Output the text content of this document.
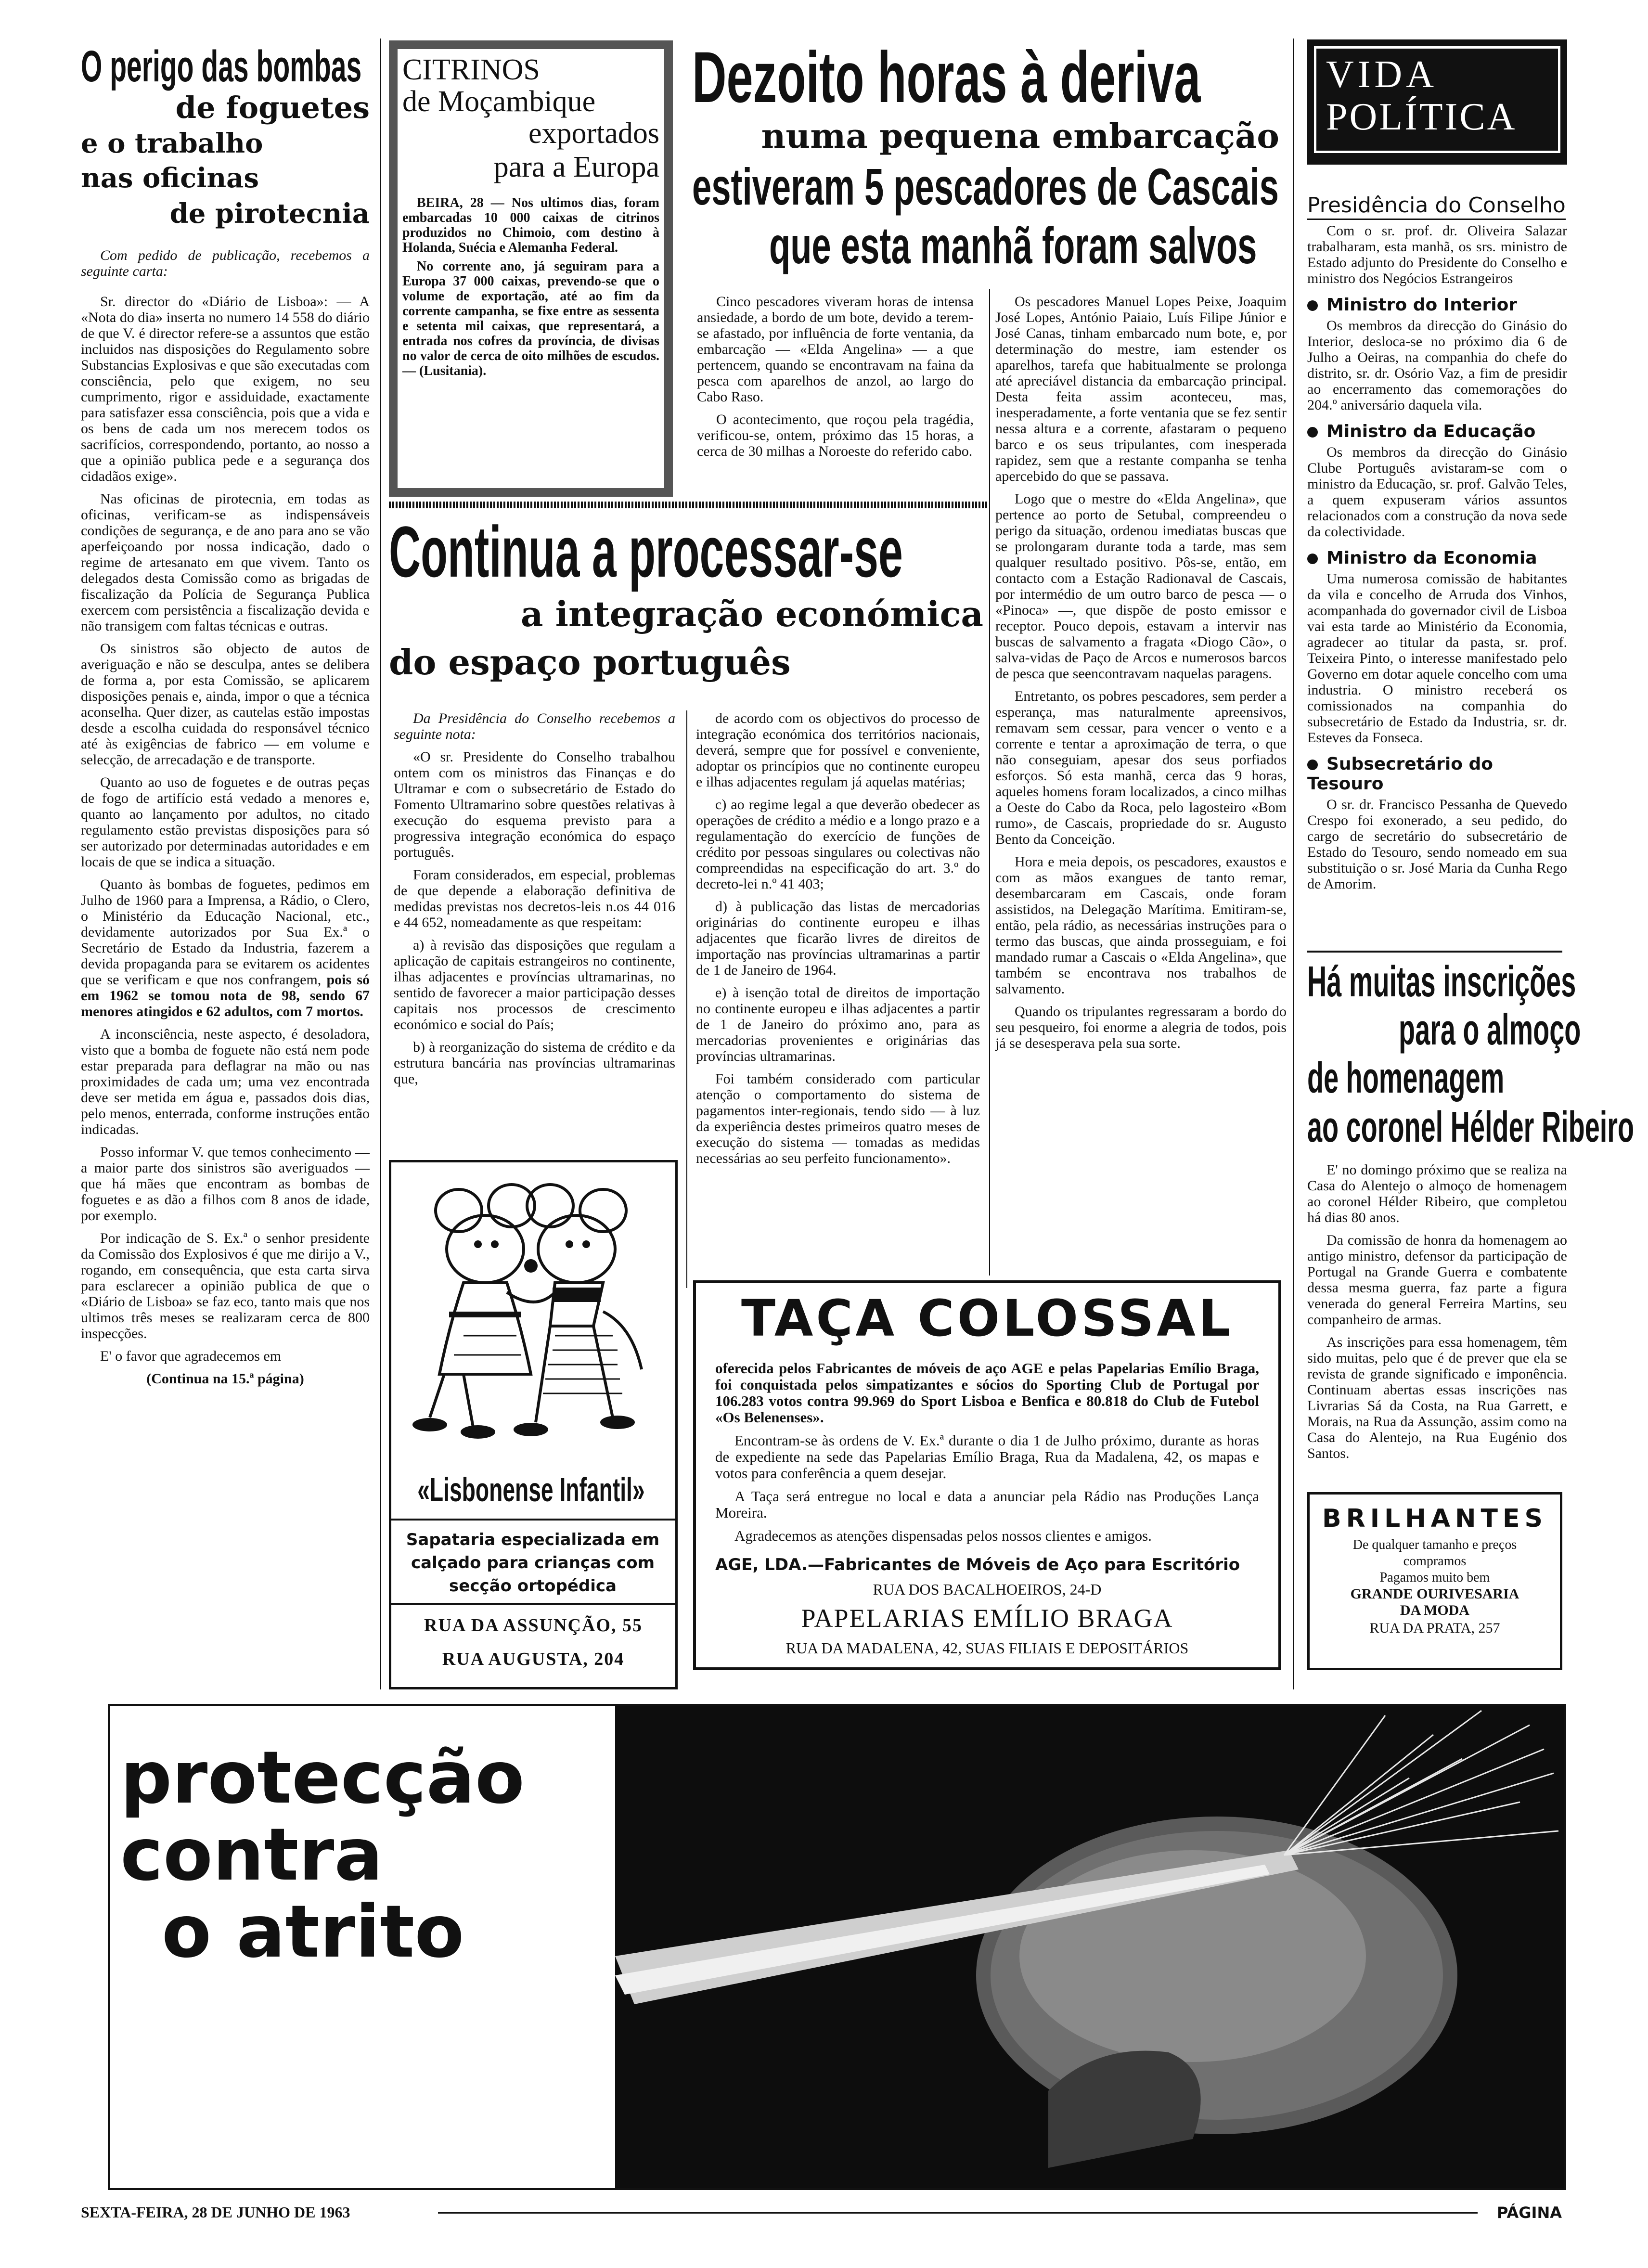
O perigo das bombas
de foguetes
e o trabalho
nas oficinas
de pirotecnia
Com pedido de publicação, recebemos a seguinte carta:

Sr. director do «Diário de Lisboa»: — A «Nota do dia» inserta no numero 14 558 do diário de que V. é director refere-se a assuntos que estão incluidos nas disposições do Regulamento sobre Substancias Explosivas e que são executadas com consciência, pelo que exigem, no seu cumprimento, rigor e assiduidade, exactamente para satisfazer essa consciência, pois que a vida e os bens de cada um nos merecem todos os sacrifícios, correspondendo, portanto, ao nosso a que a opinião publica pede e a segurança dos cidadãos exige».

Nas oficinas de pirotecnia, em todas as oficinas, verificam-se as indispensáveis condições de segurança, e de ano para ano se vão aperfeiçoando por nossa indicação, dado o regime de artesanato em que vivem. Tanto os delegados desta Comissão como as brigadas de fiscalização da Polícia de Segurança Publica exercem com persistência a fiscalização devida e não transigem com faltas técnicas e outras.

Os sinistros são objecto de autos de averiguação e não se desculpa, antes se delibera de forma a, por esta Comissão, se aplicarem disposições penais e, ainda, impor o que a técnica aconselha. Quer dizer, as cautelas estão impostas desde a escolha cuidada do responsável técnico até às exigências de fabrico — em volume e selecção, de arrecadação e de transporte.

Quanto ao uso de foguetes e de outras peças de fogo de artifício está vedado a menores e, quanto ao lançamento por adultos, no citado regulamento estão previstas disposições para só ser autorizado por determinadas autoridades e em locais de que se indica a situação.

Quanto às bombas de foguetes, pedimos em Julho de 1960 para a Imprensa, a Rádio, o Clero, o Ministério da Educação Nacional, etc., devidamente autorizados por Sua Ex.ª o Secretário de Estado da Industria, fazerem a devida propaganda para se evitarem os acidentes que se verificam e que nos confrangem, pois só em 1962 se tomou nota de 98, sendo 67 menores atingidos e 62 adultos, com 7 mortos.

A inconsciência, neste aspecto, é desoladora, visto que a bomba de foguete não está nem pode estar preparada para deflagrar na mão ou nas proximidades de cada um; uma vez encontrada deve ser metida em água e, passados dois dias, pelo menos, enterrada, conforme instruções então indicadas.

Posso informar V. que temos conhecimento — a maior parte dos sinistros são averiguados — que há mães que encontram as bombas de foguetes e as dão a filhos com 8 anos de idade, por exemplo.

Por indicação de S. Ex.ª o senhor presidente da Comissão dos Explosivos é que me dirijo a V., rogando, em consequência, que esta carta sirva para esclarecer a opinião publica de que o «Diário de Lisboa» se faz eco, tanto mais que nos ultimos três meses se realizaram cerca de 800 inspecções.

E' o favor que agradecemos em

(Continua na 15.ª página)
CITRINOS
de Moçambique
exportados
para a Europa
BEIRA, 28 — Nos ultimos dias, foram embarcadas 10 000 caixas de citrinos produzidos no Chimoio, com destino à Holanda, Suécia e Alemanha Federal.
No corrente ano, já seguiram para a Europa 37 000 caixas, prevendo-se que o volume de exportação, até ao fim da corrente campanha, se fixe entre as sessenta e setenta mil caixas, que representará, a entrada nos cofres da província, de divisas no valor de cerca de oito milhões de escudos. — (Lusitania).
Dezoito horas à deriva
numa pequena embarcação
estiveram 5 pescadores de Cascais
que esta manhã foram salvos

Cinco pescadores viveram horas de intensa ansiedade, a bordo de um bote, devido a terem-se afastado, por influência de forte ventania, da embarcação — «Elda Angelina» — a que pertencem, quando se encontravam na faina da pesca com aparelhos de anzol, ao largo do Cabo Raso.

O acontecimento, que roçou pela tragédia, verificou-se, ontem, próximo das 15 horas, a cerca de 30 milhas a Noroeste do referido cabo.

Os pescadores Manuel Lopes Peixe, Joaquim José Lopes, António Paiaio, Luís Filipe Júnior e José Canas, tinham embarcado num bote, e, por determinação do mestre, iam estender os aparelhos, tarefa que habitualmente se prolonga até apreciável distancia da embarcação principal. Desta feita assim aconteceu, mas, inesperadamente, a forte ventania que se fez sentir nessa altura e a corrente, afastaram o pequeno barco e os seus tripulantes, com inesperada rapidez, sem que a restante companha se tenha apercebido do que se passava.

Logo que o mestre do «Elda Angelina», que pertence ao porto de Setubal, compreendeu o perigo da situação, ordenou imediatas buscas que se prolongaram durante toda a tarde, mas sem qualquer resultado positivo. Pôs-se, então, em contacto com a Estação Radionaval de Cascais, por intermédio de um outro barco de pesca — o «Pinoca» —, que dispõe de posto emissor e receptor. Pouco depois, estavam a intervir nas buscas de salvamento a fragata «Diogo Cão», o salva-vidas de Paço de Arcos e numerosos barcos de pesca que seencontravam naquelas paragens.

Entretanto, os pobres pescadores, sem perder a esperança, mas naturalmente apreensivos, remavam sem cessar, para vencer o vento e a corrente e tentar a aproximação de terra, o que não conseguiam, apesar dos seus porfiados esforços. Só esta manhã, cerca das 9 horas, aqueles homens foram localizados, a cinco milhas a Oeste do Cabo da Roca, pelo lagosteiro «Bom rumo», de Cascais, propriedade do sr. Augusto Bento da Conceição.

Hora e meia depois, os pescadores, exaustos e com as mãos exangues de tanto remar, desembarcaram em Cascais, onde foram assistidos, na Delegação Marítima. Emitiram-se, então, pela rádio, as necessárias instruções para o termo das buscas, que ainda prosseguiam, e foi mandado rumar a Cascais o «Elda Angelina», que também se encontrava nos trabalhos de salvamento.

Quando os tripulantes regressaram a bordo do seu pesqueiro, foi enorme a alegria de todos, pois já se desesperava pela sua sorte.

Continua a processar-se
a integração económica
do espaço português

Da Presidência do Conselho recebemos a seguinte nota:

«O sr. Presidente do Conselho trabalhou ontem com os ministros das Finanças e do Ultramar e com o subsecretário de Estado do Fomento Ultramarino sobre questões relativas à execução do esquema previsto para a progressiva integração económica do espaço português.

Foram considerados, em especial, problemas de que depende a elaboração definitiva de medidas previstas nos decretos-leis n.os 44 016 e 44 652, nomeadamente as que respeitam:

a) à revisão das disposições que regulam a aplicação de capitais estrangeiros no continente, ilhas adjacentes e províncias ultramarinas, no sentido de favorecer a maior participação desses capitais nos processos de crescimento económico e social do País;

b) à reorganização do sistema de crédito e da estrutura bancária nas províncias ultramarinas que,

de acordo com os objectivos do processo de integração económica dos territórios nacionais, deverá, sempre que for possível e conveniente, adoptar os princípios que no continente europeu e ilhas adjacentes regulam já aquelas matérias;

c) ao regime legal a que deverão obedecer as operações de crédito a médio e a longo prazo e a regulamentação do exercício de funções de crédito por pessoas singulares ou colectivas não compreendidas na especificação do art. 3.º do decreto-lei n.º 41 403;

d) à publicação das listas de mercadorias originárias do continente europeu e ilhas adjacentes que ficarão livres de direitos de importação nas províncias ultramarinas a partir de 1 de Janeiro de 1964.

e) à isenção total de direitos de importação no continente europeu e ilhas adjacentes a partir de 1 de Janeiro do próximo ano, para as mercadorias provenientes e originárias das províncias ultramarinas.

Foi também considerado com particular atenção o comportamento do sistema de pagamentos inter-regionais, tendo sido — à luz da experiência destes primeiros quatro meses de execução do sistema — tomadas as medidas necessárias ao seu perfeito funcionamento».

«Lisbonense Infantil»
Sapataria especializada em calçado para crianças com secção ortopédica
RUA DA ASSUNÇÃO, 55
RUA AUGUSTA, 204
TAÇA COLOSSAL

oferecida pelos Fabricantes de móveis de aço AGE e pelas Papelarias Emílio Braga, foi conquistada pelos simpatizantes e sócios do Sporting Club de Portugal por 106.283 votos contra 99.969 do Sport Lisboa e Benfica e 80.818 do Club de Futebol «Os Belenenses».

Encontram-se às ordens de V. Ex.ª durante o dia 1 de Julho próximo, durante as horas de expediente na sede das Papelarias Emílio Braga, Rua da Madalena, 42, os mapas e votos para conferência a quem desejar.

A Taça será entregue no local e data a anunciar pela Rádio nas Produções Lança Moreira.

Agradecemos as atenções dispensadas pelos nossos clientes e amigos.

AGE, LDA.—Fabricantes de Móveis de Aço para Escritório
RUA DOS BACALHOEIROS, 24-D
PAPELARIAS EMÍLIO BRAGA
RUA DA MADALENA, 42, SUAS FILIAIS E DEPOSITÁRIOS
VIDA
POLÍTICA
Presidência do Conselho
Com o sr. prof. dr. Oliveira Salazar trabalharam, esta manhã, os srs. ministro de Estado adjunto do Presidente do Conselho e ministro dos Negócios Estrangeiros
Ministro do Interior
Os membros da direcção do Ginásio do Interior, desloca-se no próximo dia 6 de Julho a Oeiras, na companhia do chefe do distrito, sr. dr. Osório Vaz, a fim de presidir ao encerramento das comemorações do 204.º aniversário daquela vila.
Ministro da Educação
Os membros da direcção do Ginásio Clube Português avistaram-se com o ministro da Educação, sr. prof. Galvão Teles, a quem expuseram vários assuntos relacionados com a construção da nova sede da colectividade.
Ministro da Economia
Uma numerosa comissão de habitantes da vila e concelho de Arruda dos Vinhos, acompanhada do governador civil de Lisboa vai esta tarde ao Ministério da Economia, agradecer ao titular da pasta, sr. prof. Teixeira Pinto, o interesse manifestado pelo Governo em dotar aquele concelho com uma industria. O ministro receberá os comissionados na companhia do subsecretário de Estado da Industria, sr. dr. Esteves da Fonseca.
Subsecretário do Tesouro
O sr. dr. Francisco Pessanha de Quevedo Crespo foi exonerado, a seu pedido, do cargo de secretário do subsecretário de Estado do Tesouro, sendo nomeado em sua substituição o sr. José Maria da Cunha Rego de Amorim.
Há muitas inscrições
para o almoço
de homenagem
ao coronel Hélder Ribeiro

E' no domingo próximo que se realiza na Casa do Alentejo o almoço de homenagem ao coronel Hélder Ribeiro, que completou há dias 80 anos.

Da comissão de honra da homenagem ao antigo ministro, defensor da participação de Portugal na Grande Guerra e combatente dessa mesma guerra, faz parte a figura venerada do general Ferreira Martins, seu companheiro de armas.

As inscrições para essa homenagem, têm sido muitas, pelo que é de prever que ela se revista de grande significado e imponência. Continuam abertas essas inscrições nas Livrarias Sá da Costa, na Rua Garrett, e Morais, na Rua da Assunção, assim como na Casa do Alentejo, na Rua Eugénio dos Santos.

BRILHANTES
De qualquer tamanho e preços
compramos
Pagamos muito bem
GRANDE OURIVESARIA
DA MODA
RUA DA PRATA, 257
protecção
contra
o atrito
SEXTA-FEIRA, 28 DE JUNHO DE 1963	PÁGINA
